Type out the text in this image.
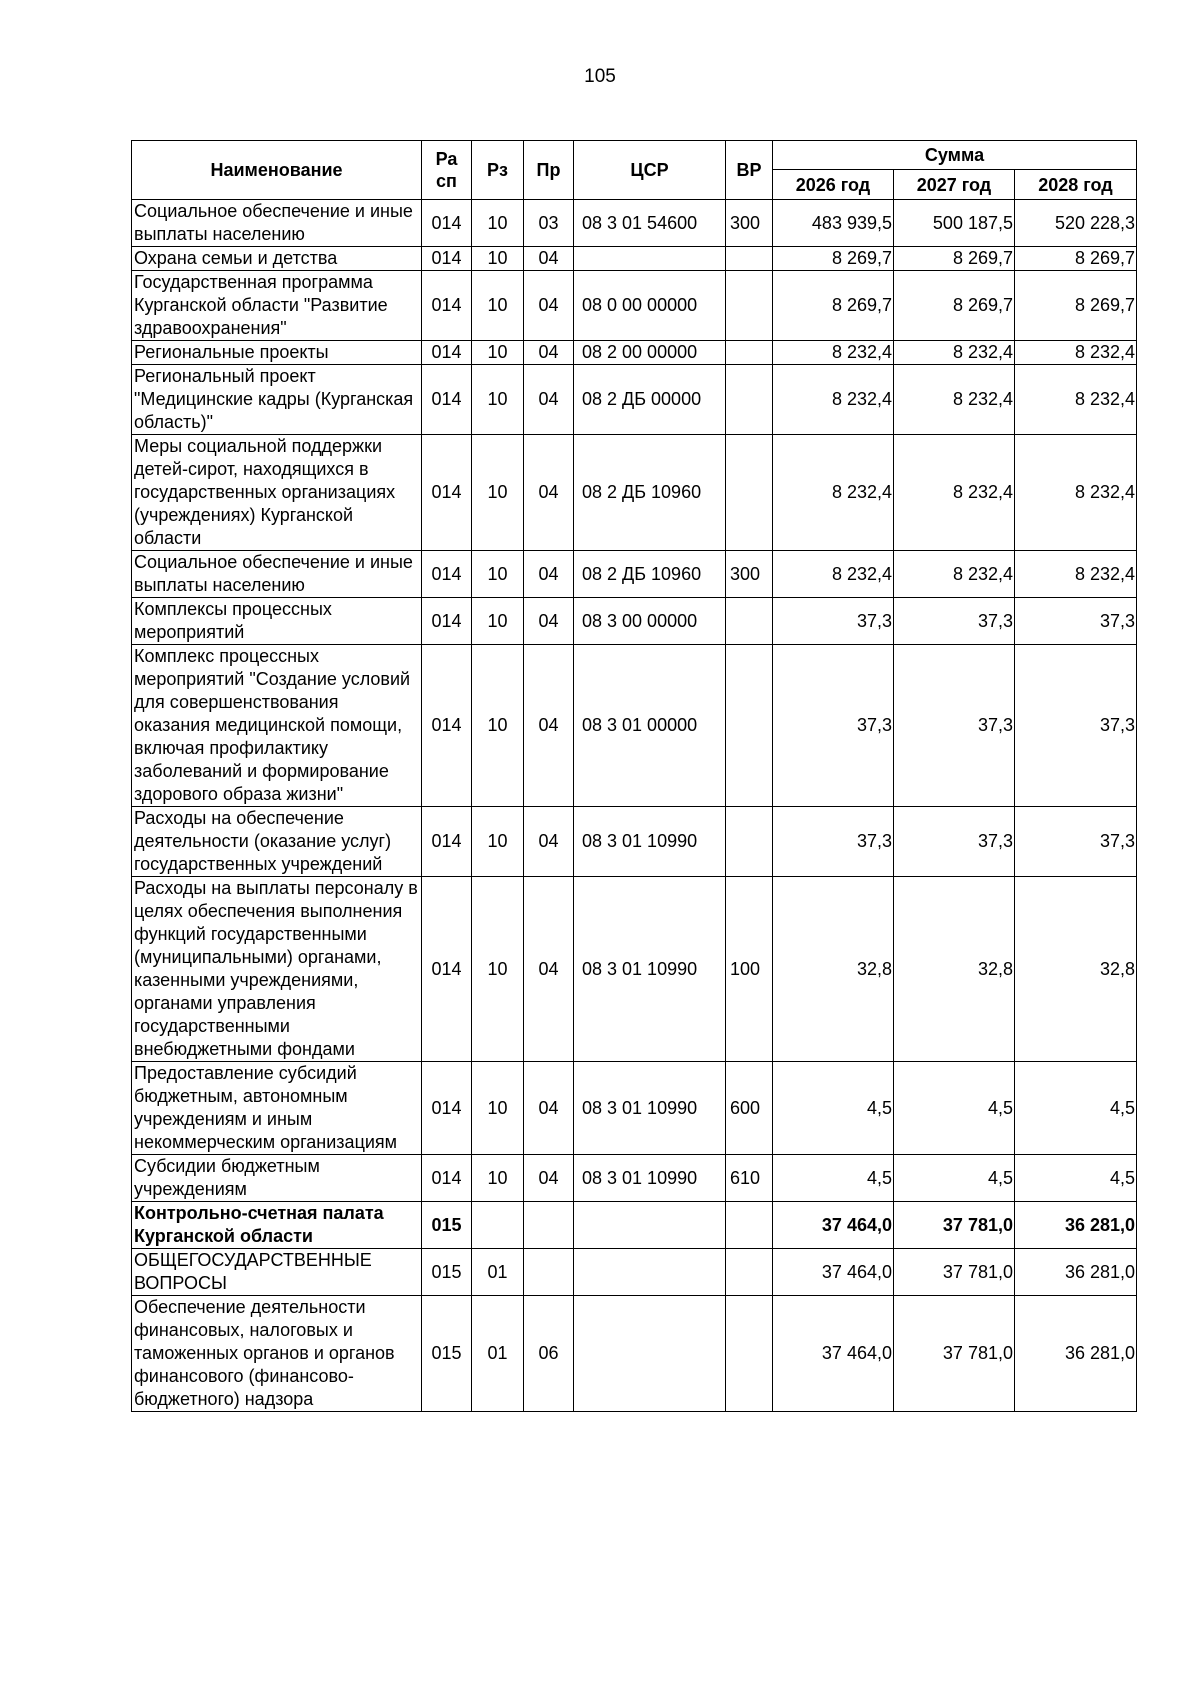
105
Наименование	Ра сп	Рз	Пр	ЦСР	ВР	Сумма		
						2026 год	2027 год	2028 год
Социальное обеспечение и иные выплаты населению	014	10	03	08 3 01 54600	300	483 939,5	500 187,5	520 228,3
Охрана семьи и детства	014	10	04			8 269,7	8 269,7	8 269,7
Государственная программа Курганской области "Развитие здравоохранения"	014	10	04	08 0 00 00000		8 269,7	8 269,7	8 269,7
Региональные проекты	014	10	04	08 2 00 00000		8 232,4	8 232,4	8 232,4
Региональный проект "Медицинские кадры (Курганская область)"	014	10	04	08 2 ДБ 00000		8 232,4	8 232,4	8 232,4
Меры социальной поддержки детей-сирот, находящихся в государственных организациях (учреждениях) Курганской области	014	10	04	08 2 ДБ 10960		8 232,4	8 232,4	8 232,4
Социальное обеспечение и иные выплаты населению	014	10	04	08 2 ДБ 10960	300	8 232,4	8 232,4	8 232,4
Комплексы процессных мероприятий	014	10	04	08 3 00 00000		37,3	37,3	37,3
Комплекс процессных мероприятий "Создание условий для совершенствования оказания медицинской помощи, включая профилактику заболеваний и формирование здорового образа жизни"	014	10	04	08 3 01 00000		37,3	37,3	37,3
Расходы на обеспечение деятельности (оказание услуг) государственных учреждений	014	10	04	08 3 01 10990		37,3	37,3	37,3
Расходы на выплаты персоналу в целях обеспечения выполнения функций государственными (муниципальными) органами, казенными учреждениями, органами управления государственными внебюджетными фондами	014	10	04	08 3 01 10990	100	32,8	32,8	32,8
Предоставление субсидий бюджетным, автономным учреждениям и иным некоммерческим организациям	014	10	04	08 3 01 10990	600	4,5	4,5	4,5
Субсидии бюджетным учреждениям	014	10	04	08 3 01 10990	610	4,5	4,5	4,5
Контрольно-счетная палата Курганской области	015					37 464,0	37 781,0	36 281,0
ОБЩЕГОСУДАРСТВЕННЫЕ ВОПРОСЫ	015	01				37 464,0	37 781,0	36 281,0
Обеспечение деятельности финансовых, налоговых и таможенных органов и органов финансового (финансово-бюджетного) надзора	015	01	06			37 464,0	37 781,0	36 281,0
